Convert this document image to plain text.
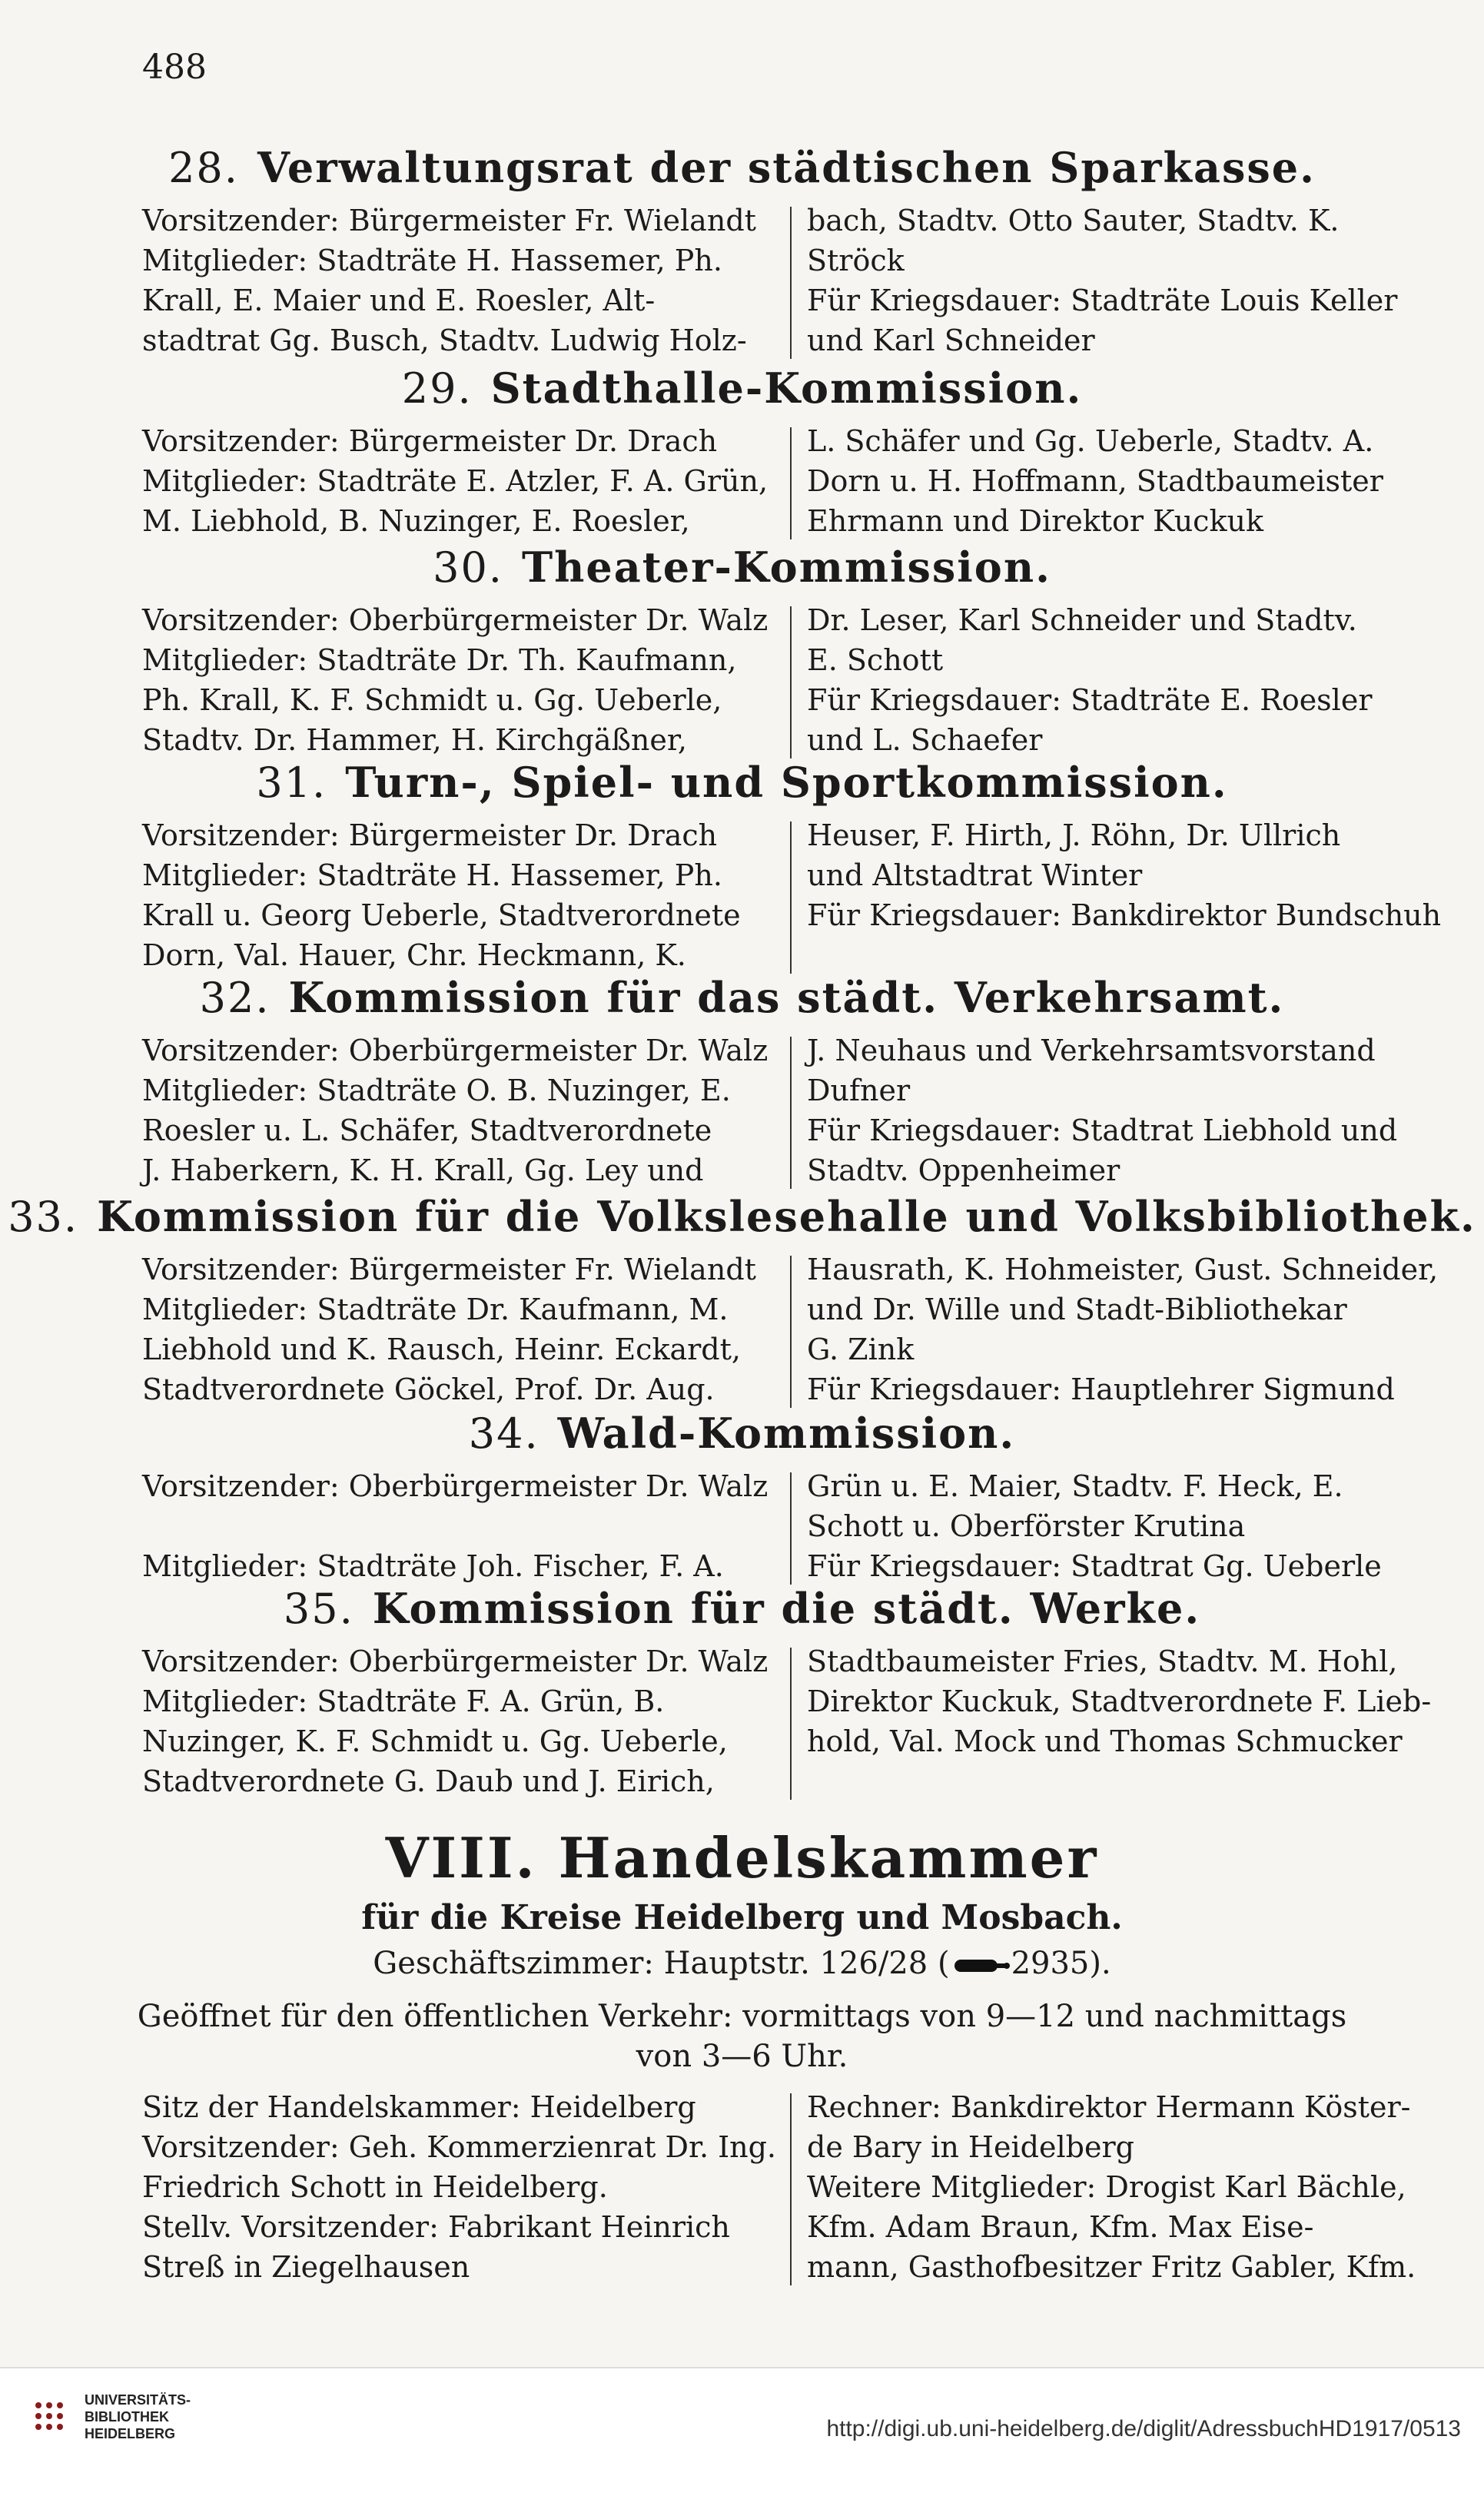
488
28. Verwaltungsrat der städtischen Sparkasse.
Vorsitzender: Bürgermeister Fr. Wielandt
Mitglieder: Stadträte H. Hassemer, Ph.
Krall, E. Maier und E. Roesler, Alt-
stadtrat Gg. Busch, Stadtv. Ludwig Holz-
bach, Stadtv. Otto Sauter, Stadtv. K.
Ströck
Für Kriegsdauer: Stadträte Louis Keller
und Karl Schneider
29. Stadthalle-Kommission.
Vorsitzender: Bürgermeister Dr. Drach
Mitglieder: Stadträte E. Atzler, F. A. Grün,
M. Liebhold, B. Nuzinger, E. Roesler,
L. Schäfer und Gg. Ueberle, Stadtv. A.
Dorn u. H. Hoffmann, Stadtbaumeister
Ehrmann und Direktor Kuckuk
30. Theater-Kommission.
Vorsitzender: Oberbürgermeister Dr. Walz
Mitglieder: Stadträte Dr. Th. Kaufmann,
Ph. Krall, K. F. Schmidt u. Gg. Ueberle,
Stadtv. Dr. Hammer, H. Kirchgäßner,
Dr. Leser, Karl Schneider und Stadtv.
E. Schott
Für Kriegsdauer: Stadträte E. Roesler
und L. Schaefer
31. Turn-, Spiel- und Sportkommission.
Vorsitzender: Bürgermeister Dr. Drach
Mitglieder: Stadträte H. Hassemer, Ph.
Krall u. Georg Ueberle, Stadtverordnete
Dorn, Val. Hauer, Chr. Heckmann, K.
Heuser, F. Hirth, J. Röhn, Dr. Ullrich
und Altstadtrat Winter
Für Kriegsdauer: Bankdirektor Bundschuh
32. Kommission für das städt. Verkehrsamt.
Vorsitzender: Oberbürgermeister Dr. Walz
Mitglieder: Stadträte O. B. Nuzinger, E.
Roesler u. L. Schäfer, Stadtverordnete
J. Haberkern, K. H. Krall, Gg. Ley und
J. Neuhaus und Verkehrsamtsvorstand
Dufner
Für Kriegsdauer: Stadtrat Liebhold und
Stadtv. Oppenheimer
33. Kommission für die Volkslesehalle und Volksbibliothek.
Vorsitzender: Bürgermeister Fr. Wielandt
Mitglieder: Stadträte Dr. Kaufmann, M.
Liebhold und K. Rausch, Heinr. Eckardt,
Stadtverordnete Göckel, Prof. Dr. Aug.
Hausrath, K. Hohmeister, Gust. Schneider,
und Dr. Wille und Stadt-Bibliothekar
G. Zink
Für Kriegsdauer: Hauptlehrer Sigmund
34. Wald-Kommission.
Vorsitzender: Oberbürgermeister Dr. Walz
Mitglieder: Stadträte Joh. Fischer, F. A.
Grün u. E. Maier, Stadtv. F. Heck, E.
Schott u. Oberförster Krutina
Für Kriegsdauer: Stadtrat Gg. Ueberle
35. Kommission für die städt. Werke.
Vorsitzender: Oberbürgermeister Dr. Walz
Mitglieder: Stadträte F. A. Grün, B.
Nuzinger, K. F. Schmidt u. Gg. Ueberle,
Stadtverordnete G. Daub und J. Eirich,
Stadtbaumeister Fries, Stadtv. M. Hohl,
Direktor Kuckuk, Stadtverordnete F. Lieb-
hold, Val. Mock und Thomas Schmucker
VIII. Handelskammer
für die Kreise Heidelberg und Mosbach.
Geschäftszimmer: Hauptstr. 126/28 ( 2935).
Geöffnet für den öffentlichen Verkehr: vormittags von 9—12 und nachmittags
von 3—6 Uhr.
Sitz der Handelskammer: Heidelberg
Vorsitzender: Geh. Kommerzienrat Dr. Ing.
Friedrich Schott in Heidelberg.
Stellv. Vorsitzender: Fabrikant Heinrich
Streß in Ziegelhausen
Rechner: Bankdirektor Hermann Köster-
de Bary in Heidelberg
Weitere Mitglieder: Drogist Karl Bächle,
Kfm. Adam Braun, Kfm. Max Eise-
mann, Gasthofbesitzer Fritz Gabler, Kfm.
UNIVERSITÄTS-
BIBLIOTHEK
HEIDELBERG	http://digi.ub.uni-heidelberg.de/diglit/AdressbuchHD1917/0513
